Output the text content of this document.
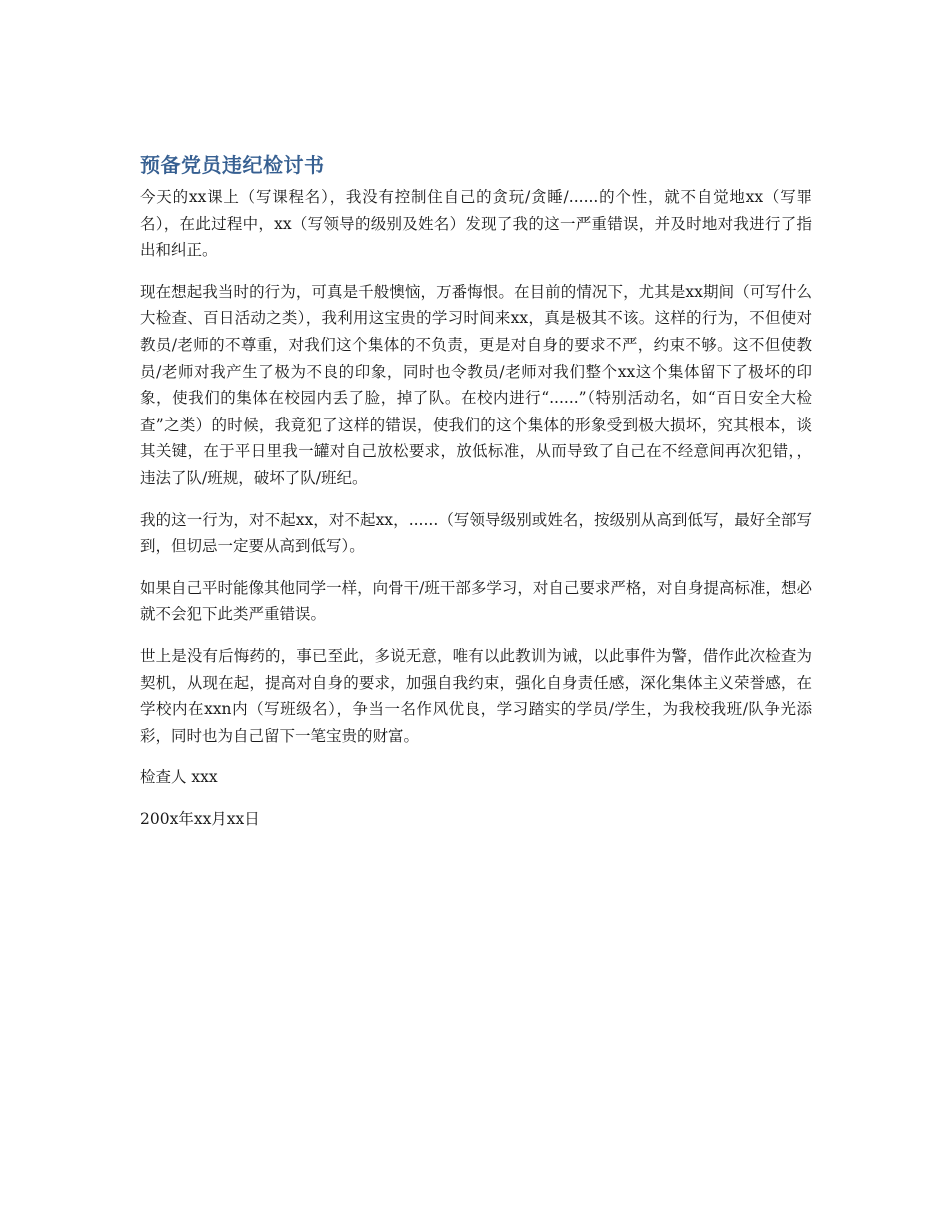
预备党员违纪检讨书

今天的xx课上（写课程名），我没有控制住自己的贪玩/贪睡/......的个性，就不自觉地xx（写罪名），在此过程中，xx（写领导的级别及姓名）发现了我的这一严重错误，并及时地对我进行了指出和纠正。

现在想起我当时的行为，可真是千般懊恼，万番悔恨。在目前的情况下，尤其是xx期间（可写什么大检查、百日活动之类），我利用这宝贵的学习时间来xx，真是极其不该。这样的行为，不但使对教员/老师的不尊重，对我们这个集体的不负责，更是对自身的要求不严，约束不够。这不但使教员/老师对我产生了极为不良的印象，同时也令教员/老师对我们整个xx这个集体留下了极坏的印象，使我们的集体在校园内丢了脸，掉了队。在校内进行“......”（特别活动名，如“百日安全大检查”之类）的时候，我竟犯了这样的错误，使我们的这个集体的形象受到极大损坏，究其根本，谈其关键，在于平日里我一罐对自己放松要求，放低标准，从而导致了自己在不经意间再次犯错，，违法了队/班规，破坏了队/班纪。

我的这一行为，对不起xx，对不起xx，......（写领导级别或姓名，按级别从高到低写，最好全部写到，但切忌一定要从高到低写）。

如果自己平时能像其他同学一样，向骨干/班干部多学习，对自己要求严格，对自身提高标准，想必就不会犯下此类严重错误。

世上是没有后悔药的，事已至此，多说无意，唯有以此教训为诫，以此事件为警，借作此次检查为契机，从现在起，提高对自身的要求，加强自我约束，强化自身责任感，深化集体主义荣誉感，在学校内在xxn内（写班级名），争当一名作风优良，学习踏实的学员/学生，为我校我班/队争光添彩，同时也为自己留下一笔宝贵的财富。

检查人 xxx

200x年xx月xx日
